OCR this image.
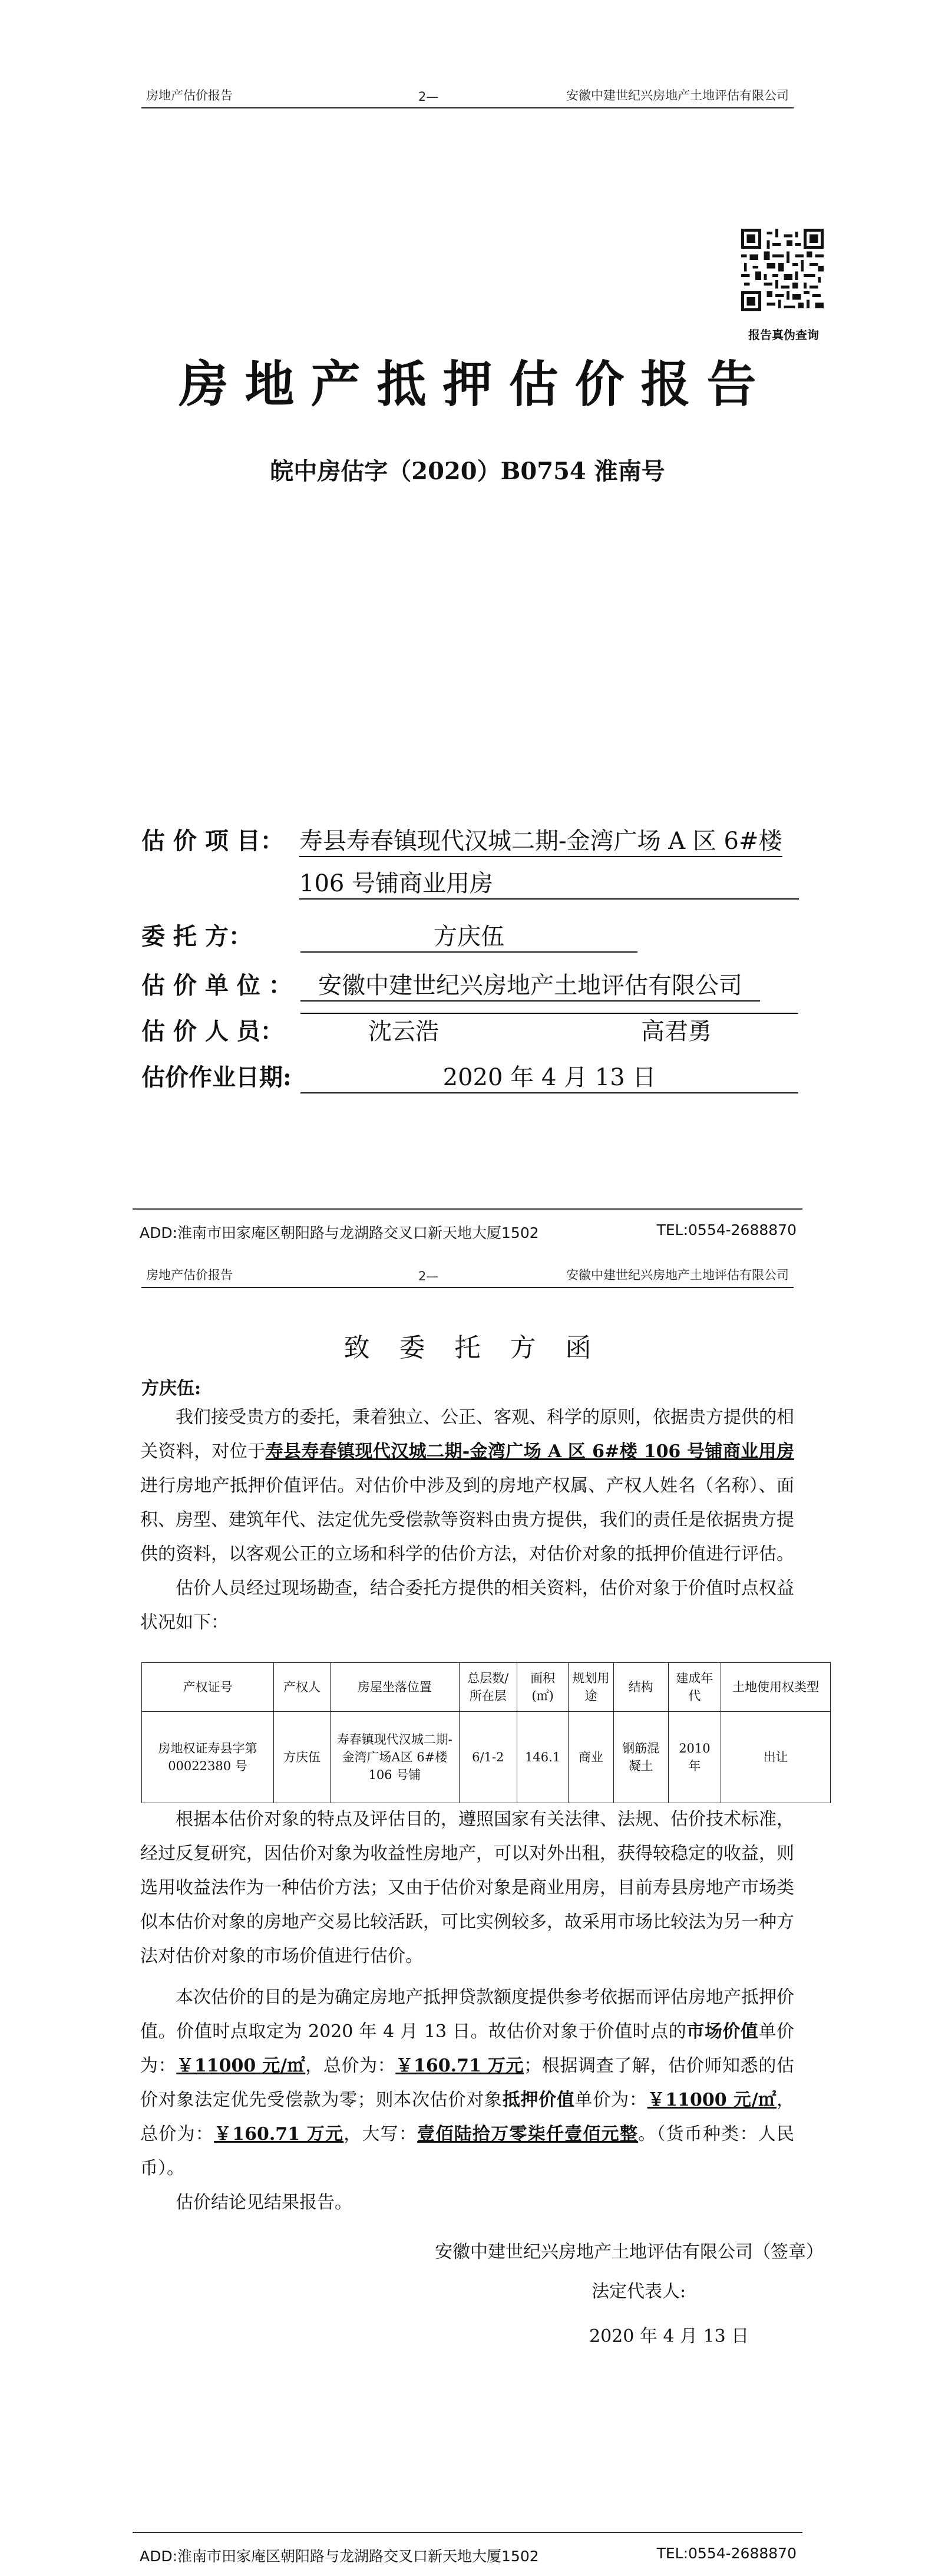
房地产估价报告	2—	安徽中建世纪兴房地产土地评估有限公司
报告真伪查询
房地产抵押估价报告
皖中房估字（2020）B0754 淮南号
估 价 项 目： 寿县寿春镇现代汉城二期-金湾广场 A 区 6#楼
106 号铺商业用房
委 托 方：	方庆伍
估 价 单 位 ：	安徽中建世纪兴房地产土地评估有限公司
估 价 人 员：	沈云浩	高君勇
估价作业日期:	2020 年 4 月 13 日
ADD:淮南市田家庵区朝阳路与龙湖路交叉口新天地大厦1502	TEL:0554-2688870
房地产估价报告	2—	安徽中建世纪兴房地产土地评估有限公司
ADD:淮南市田家庵区朝阳路与龙湖路交叉口新天地大厦1502	TEL:0554-2688870
致委托方函
方庆伍:

我们接受贵方的委托，秉着独立、公正、客观、科学的原则，依据贵方提供的相关资料，对位于寿县寿春镇现代汉城二期-金湾广场 A 区 6#楼 106 号铺商业用房进行房地产抵押价值评估。对估价中涉及到的房地产权属、产权人姓名（名称）、面积、房型、建筑年代、法定优先受偿款等资料由贵方提供，我们的责任是依据贵方提供的资料，以客观公正的立场和科学的估价方法，对估价对象的抵押价值进行评估。

估价人员经过现场勘查，结合委托方提供的相关资料，估价对象于价值时点权益状况如下：

产权证号	产权人	房屋坐落位置	总层数/所在层	面积(㎡)	规划用途	结构	建成年代	土地使用权类型
房地权证寿县字第00022380 号	方庆伍	寿春镇现代汉城二期-金湾广场A区 6#楼 106 号铺	6/1-2	146.1	商业	钢筋混凝土	2010 年	出让

根据本估价对象的特点及评估目的，遵照国家有关法律、法规、估价技术标准，经过反复研究，因估价对象为收益性房地产，可以对外出租，获得较稳定的收益，则选用收益法作为一种估价方法；又由于估价对象是商业用房，目前寿县房地产市场类似本估价对象的房地产交易比较活跃，可比实例较多，故采用市场比较法为另一种方法对估价对象的市场价值进行估价。

本次估价的目的是为确定房地产抵押贷款额度提供参考依据而评估房地产抵押价值。价值时点取定为 2020 年 4 月 13 日。故估价对象于价值时点的市场价值单价为：￥11000 元/㎡，总价为：￥160.71 万元；根据调查了解，估价师知悉的估价对象法定优先受偿款为零；则本次估价对象抵押价值单价为：￥11000 元/㎡，总价为：￥160.71 万元，大写：壹佰陆拾万零柒仟壹佰元整。（货币种类：人民币）。

估价结论见结果报告。

安徽中建世纪兴房地产土地评估有限公司（签章）
法定代表人:
2020 年 4 月 13 日
